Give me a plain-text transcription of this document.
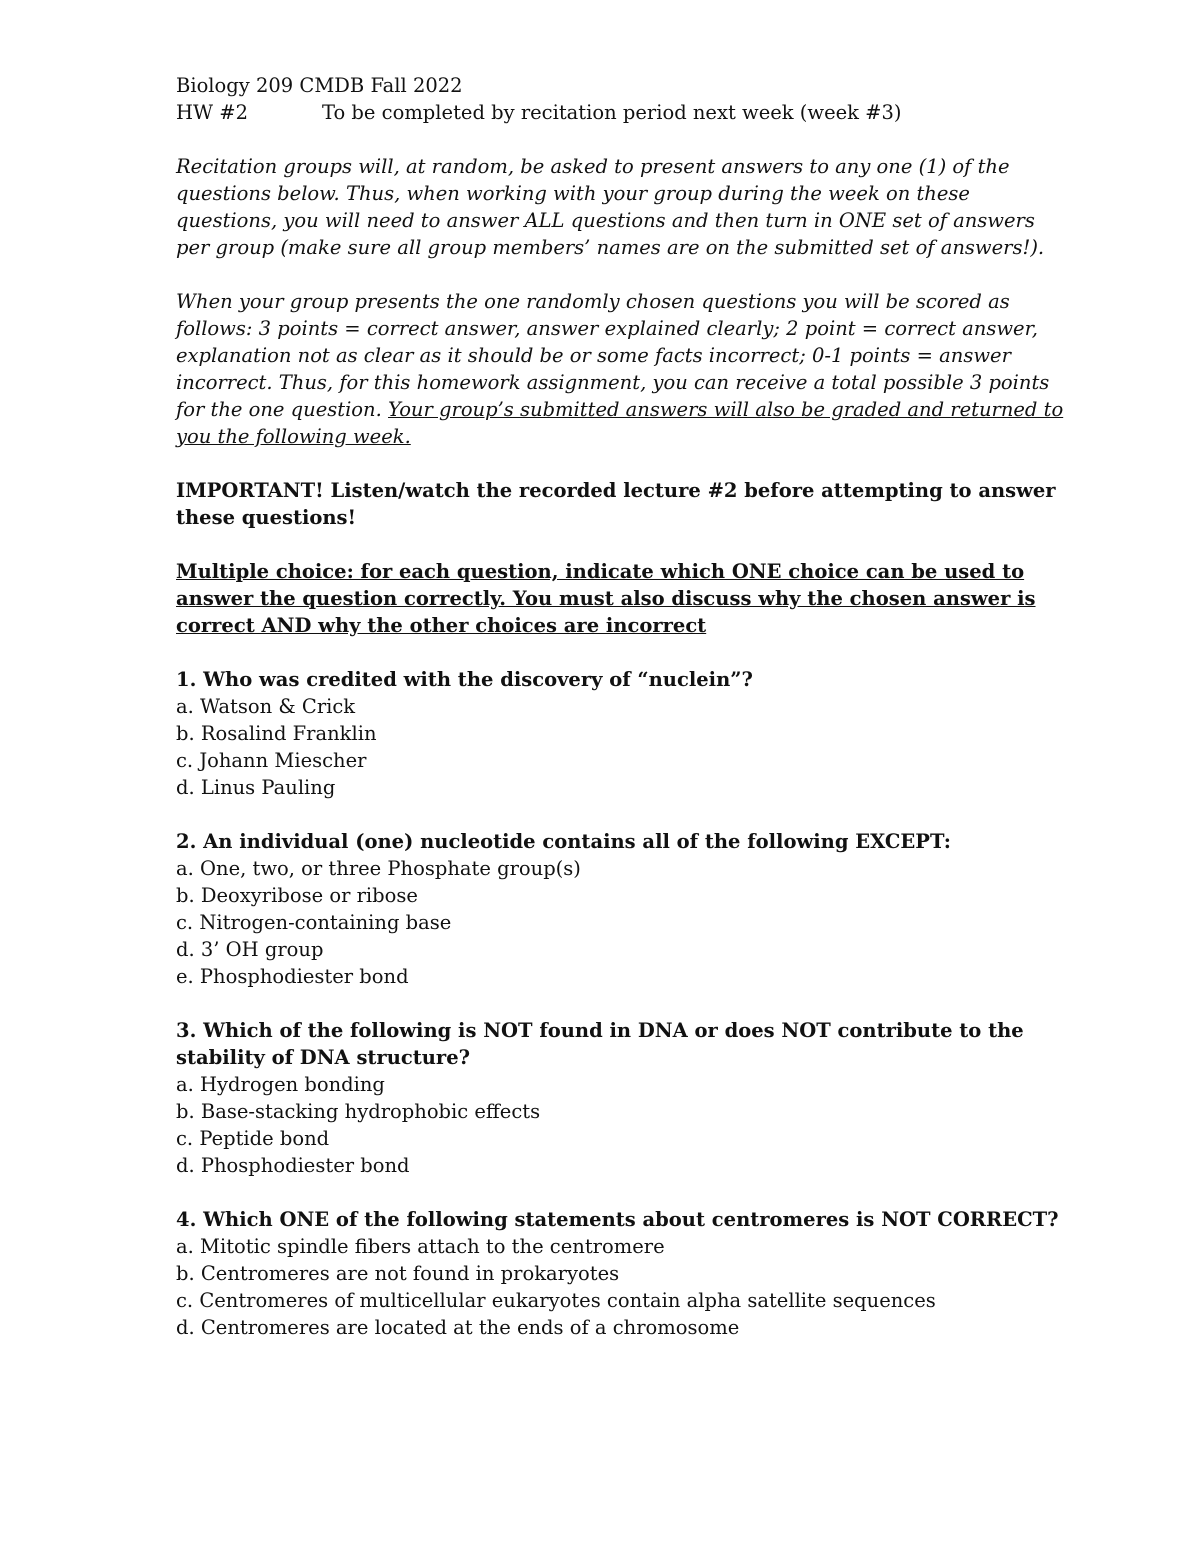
Biology 209 CMDB Fall 2022
HW #2	To be completed by recitation period next week (week #3)
Recitation groups will, at random, be asked to present answers to any one (1) of the
questions below. Thus, when working with your group during the week on these
questions, you will need to answer ALL questions and then turn in ONE set of answers
per group (make sure all group members’ names are on the submitted set of answers!).
When your group presents the one randomly chosen questions you will be scored as
follows: 3 points = correct answer, answer explained clearly; 2 point = correct answer,
explanation not as clear as it should be or some facts incorrect; 0-1 points = answer
incorrect. Thus, for this homework assignment, you can receive a total possible 3 points
for the one question. Your group’s submitted answers will also be graded and returned to
you the following week.
IMPORTANT! Listen/watch the recorded lecture #2 before attempting to answer
these questions!
Multiple choice: for each question, indicate which ONE choice can be used to
answer the question correctly. You must also discuss why the chosen answer is
correct AND why the other choices are incorrect
1. Who was credited with the discovery of “nuclein”?
a. Watson & Crick
b. Rosalind Franklin
c. Johann Miescher
d. Linus Pauling
2. An individual (one) nucleotide contains all of the following EXCEPT:
a. One, two, or three Phosphate group(s)
b. Deoxyribose or ribose
c. Nitrogen-containing base
d. 3’ OH group
e. Phosphodiester bond
3. Which of the following is NOT found in DNA or does NOT contribute to the
stability of DNA structure?
a. Hydrogen bonding
b. Base-stacking hydrophobic effects
c. Peptide bond
d. Phosphodiester bond
4. Which ONE of the following statements about centromeres is NOT CORRECT?
a. Mitotic spindle fibers attach to the centromere
b. Centromeres are not found in prokaryotes
c. Centromeres of multicellular eukaryotes contain alpha satellite sequences
d. Centromeres are located at the ends of a chromosome
